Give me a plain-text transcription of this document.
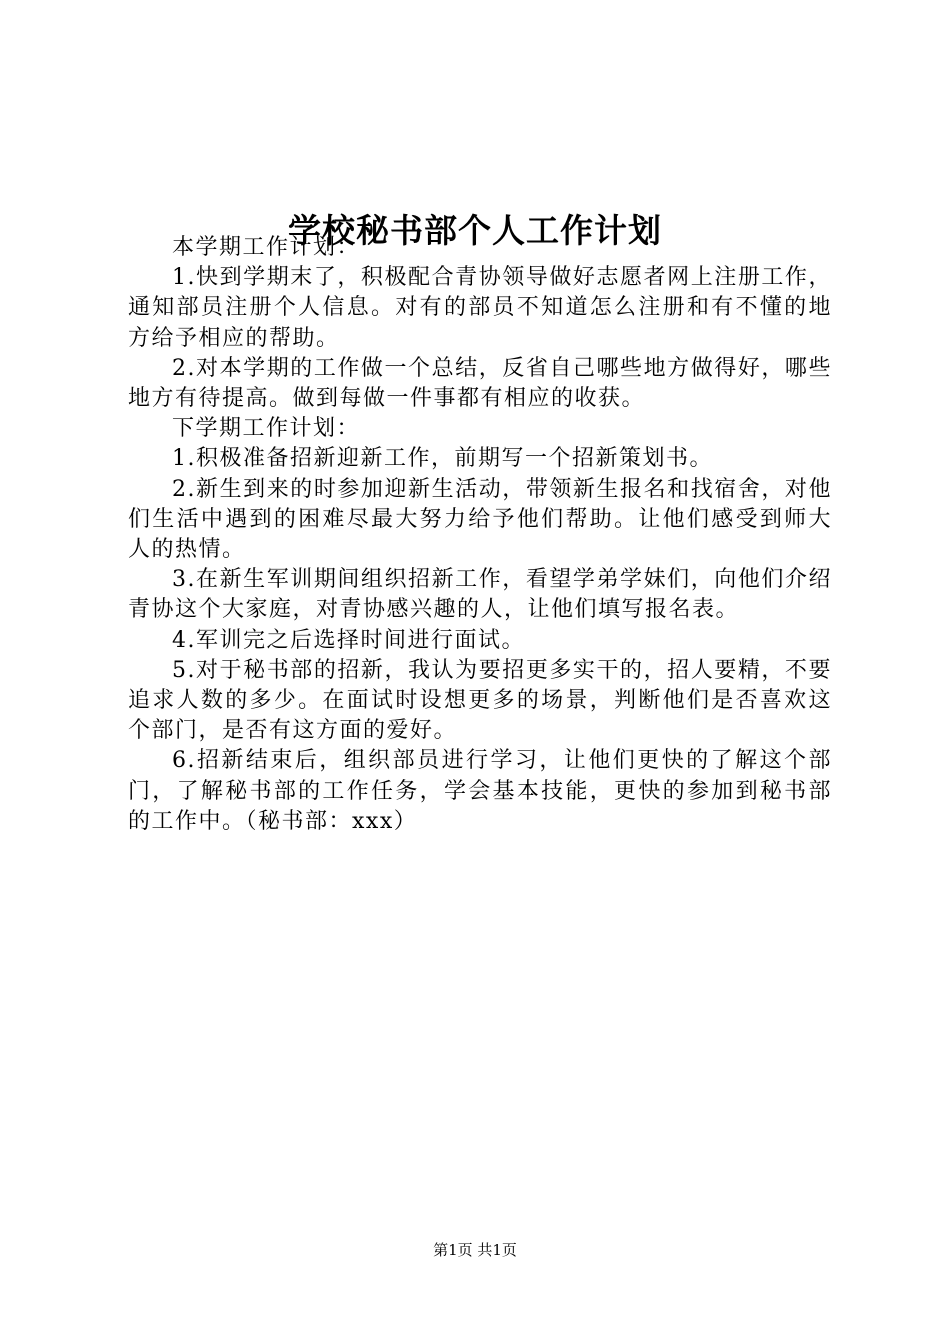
学校秘书部个人工作计划

本学期工作计划：

1.快到学期末了，积极配合青协领导做好志愿者网上注册工作，通知部员注册个人信息。对有的部员不知道怎么注册和有不懂的地方给予相应的帮助。

2.对本学期的工作做一个总结，反省自己哪些地方做得好，哪些地方有待提高。做到每做一件事都有相应的收获。

下学期工作计划：

1.积极准备招新迎新工作，前期写一个招新策划书。

2.新生到来的时参加迎新生活动，带领新生报名和找宿舍，对他们生活中遇到的困难尽最大努力给予他们帮助。让他们感受到师大人的热情。

3.在新生军训期间组织招新工作，看望学弟学妹们，向他们介绍青协这个大家庭，对青协感兴趣的人，让他们填写报名表。

4.军训完之后选择时间进行面试。

5.对于秘书部的招新，我认为要招更多实干的，招人要精，不要追求人数的多少。在面试时设想更多的场景，判断他们是否喜欢这个部门，是否有这方面的爱好。

6.招新结束后，组织部员进行学习，让他们更快的了解这个部门，了解秘书部的工作任务，学会基本技能，更快的参加到秘书部的工作中。（秘书部：xxx）

第1页 共1页
